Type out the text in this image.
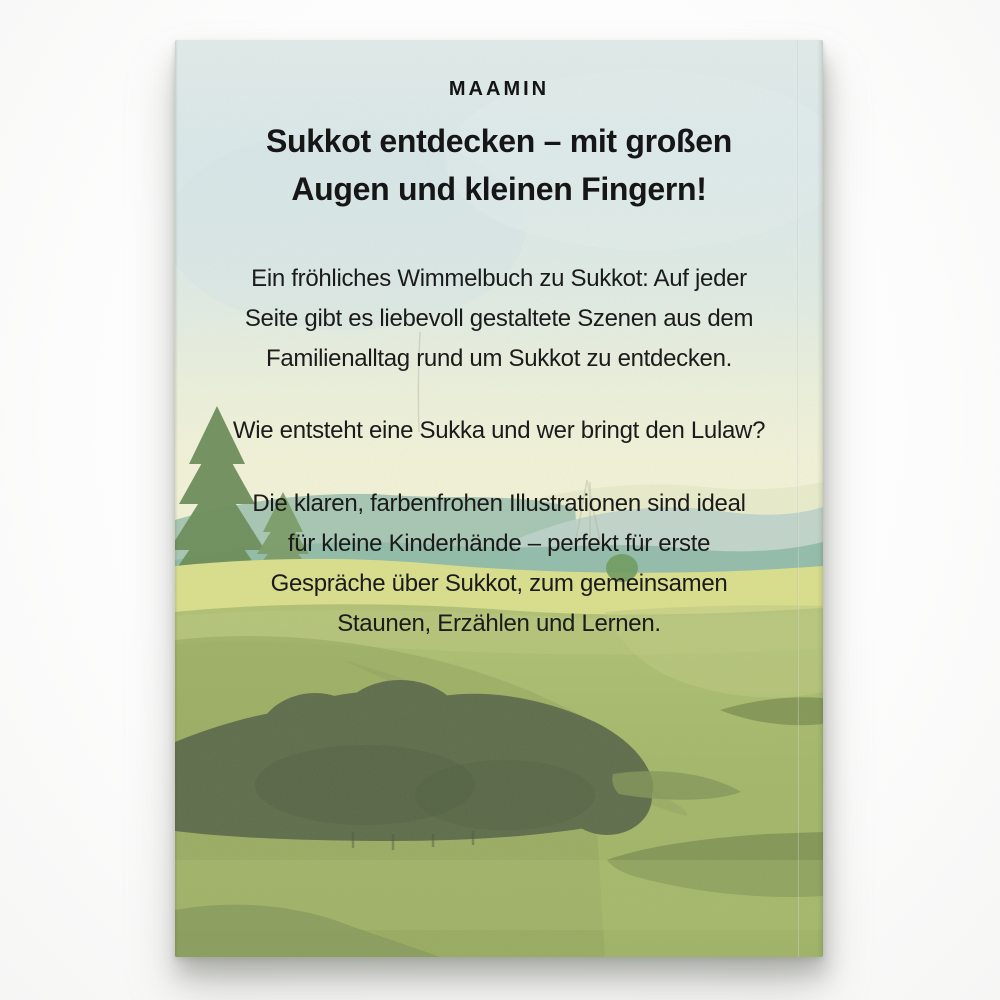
MAAMIN
Sukkot entdecken – mit großen
Augen und kleinen Fingern!

Ein fröhliches Wimmelbuch zu Sukkot: Auf jeder
Seite gibt es liebevoll gestaltete Szenen aus dem
Familienalltag rund um Sukkot zu entdecken.

Wie entsteht eine Sukka und wer bringt den Lulaw?

Die klaren, farbenfrohen Illustrationen sind ideal
für kleine Kinderhände – perfekt für erste
Gespräche über Sukkot, zum gemeinsamen
Staunen, Erzählen und Lernen.
